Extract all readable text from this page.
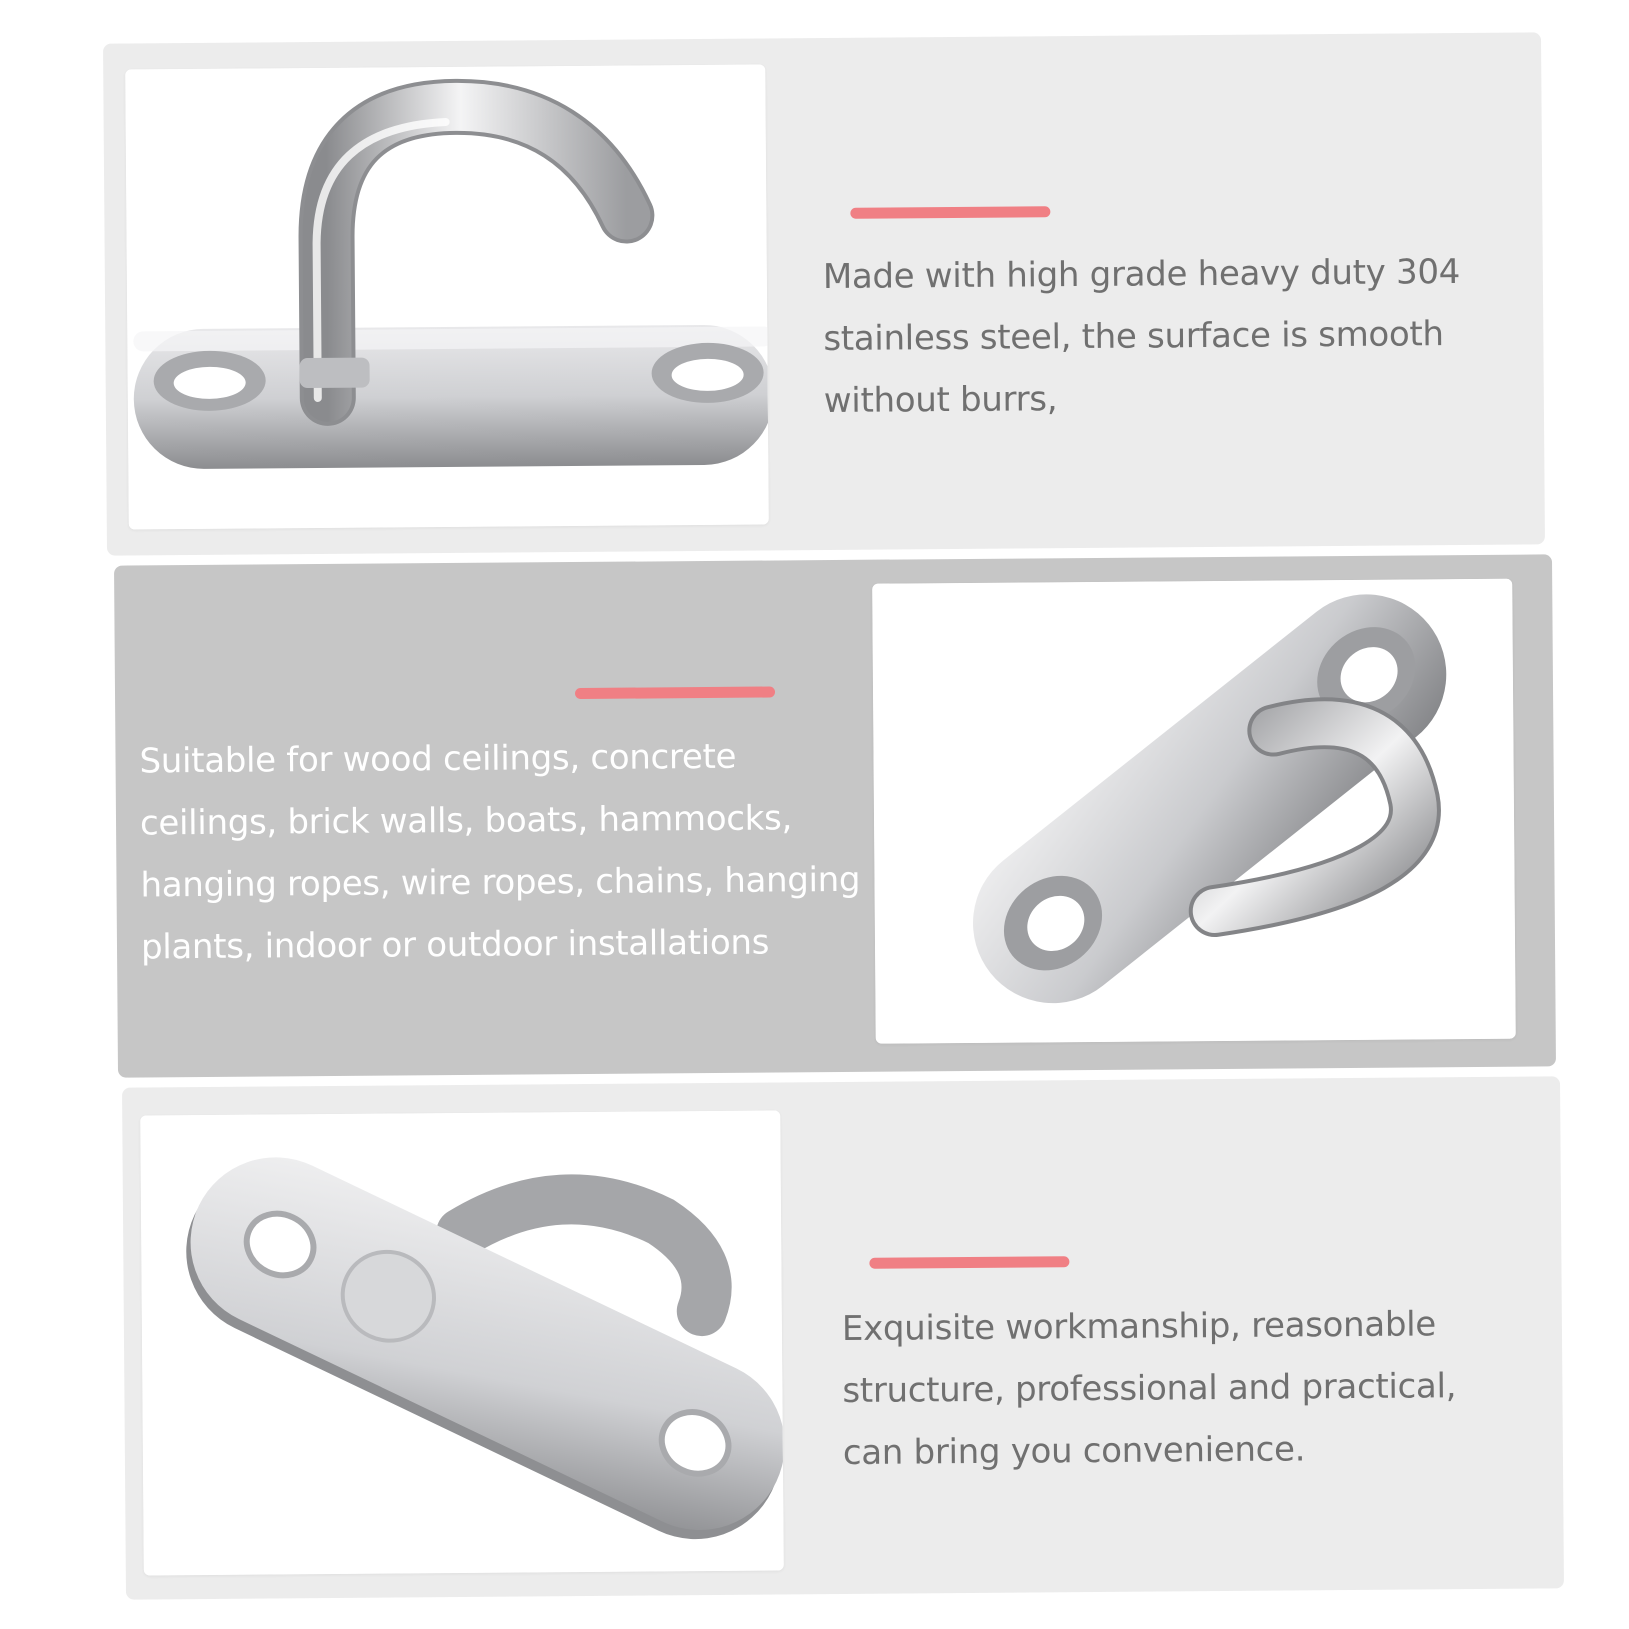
Made with high grade heavy duty 304 stainless steel, the surface is smooth without burrs,

Suitable for wood ceilings, concrete ceilings, brick walls, boats, hammocks, hanging ropes, wire ropes, chains, hanging plants, indoor or outdoor installations

Exquisite workmanship, reasonable structure, professional and practical, can bring you convenience.
